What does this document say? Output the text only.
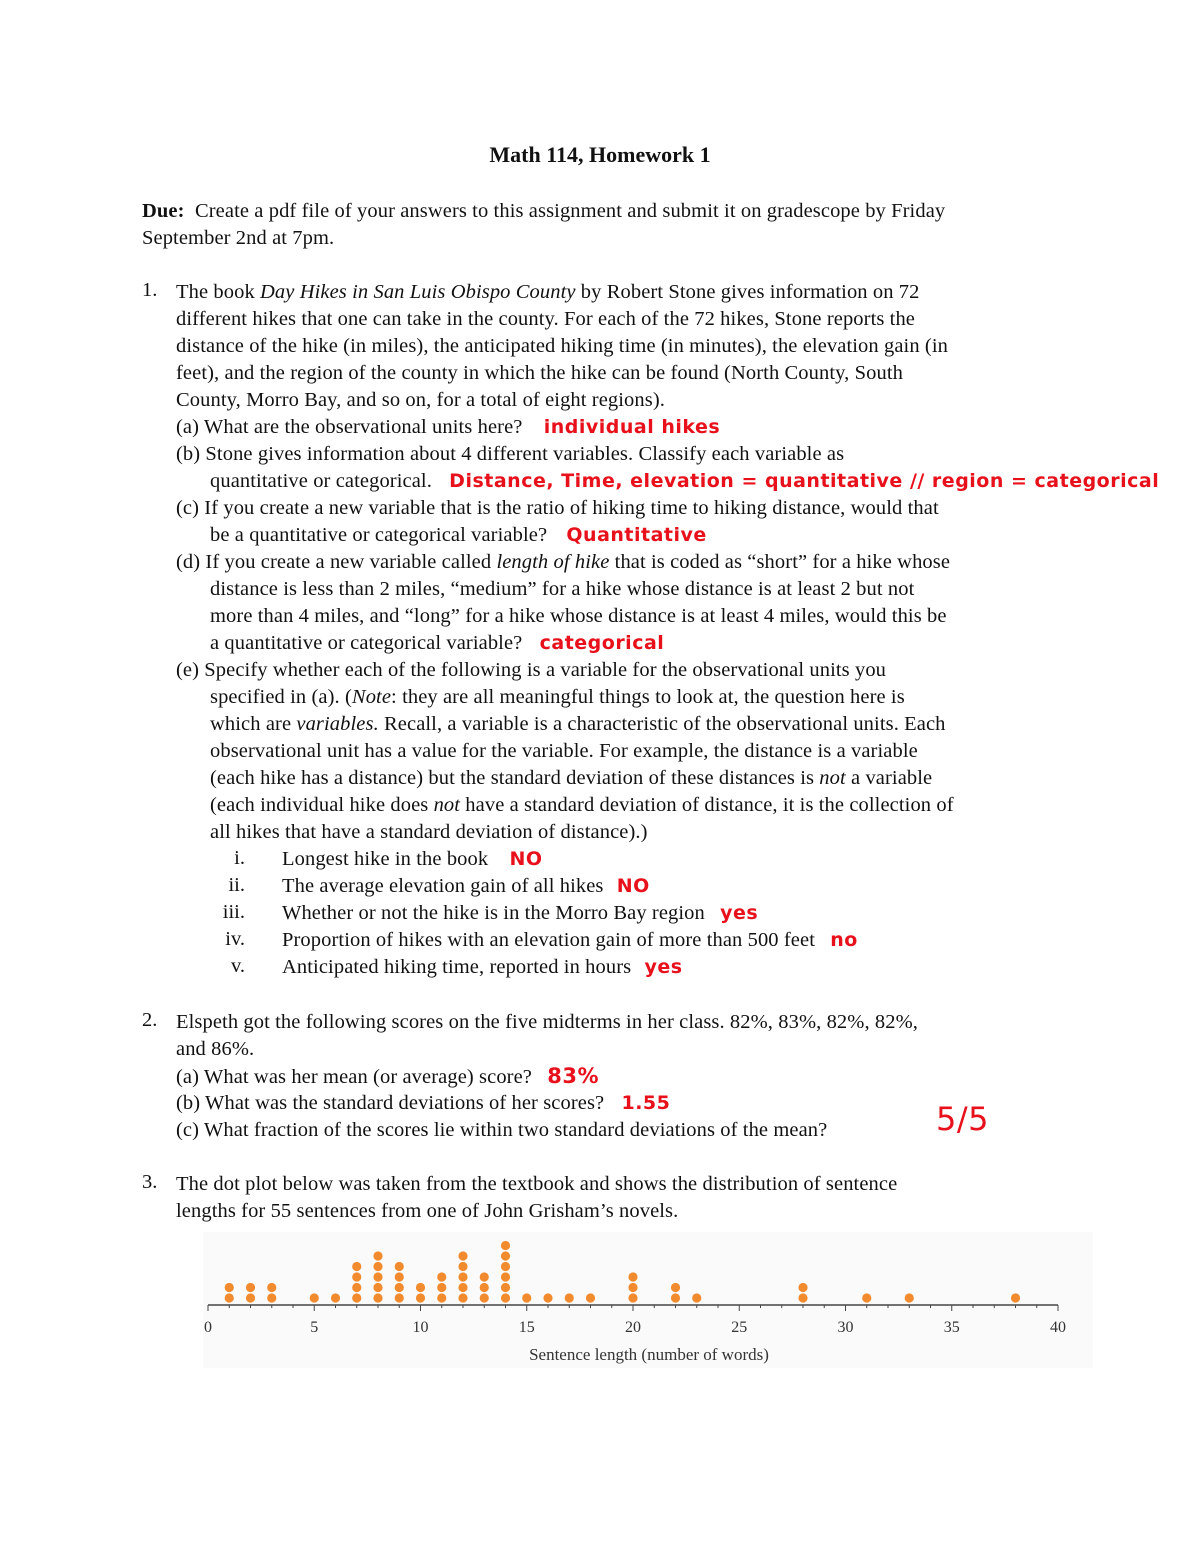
Math 114, Homework 1
Due: Create a pdf file of your answers to this assignment and submit it on gradescope by Friday
September 2nd at 7pm.
1. The book Day Hikes in San Luis Obispo County by Robert Stone gives information on 72
different hikes that one can take in the county. For each of the 72 hikes, Stone reports the
distance of the hike (in miles), the anticipated hiking time (in minutes), the elevation gain (in
feet), and the region of the county in which the hike can be found (North County, South
County, Morro Bay, and so on, for a total of eight regions).
(a) What are the observational units here? individual hikes
(b) Stone gives information about 4 different variables. Classify each variable as
quantitative or categorical. Distance, Time, elevation = quantitative // region = categorical
(c) If you create a new variable that is the ratio of hiking time to hiking distance, would that
be a quantitative or categorical variable? Quantitative
(d) If you create a new variable called length of hike that is coded as “short” for a hike whose
distance is less than 2 miles, “medium” for a hike whose distance is at least 2 but not
more than 4 miles, and “long” for a hike whose distance is at least 4 miles, would this be
a quantitative or categorical variable? categorical
(e) Specify whether each of the following is a variable for the observational units you
specified in (a). (Note: they are all meaningful things to look at, the question here is
which are variables. Recall, a variable is a characteristic of the observational units. Each
observational unit has a value for the variable. For example, the distance is a variable
(each hike has a distance) but the standard deviation of these distances is not a variable
(each individual hike does not have a standard deviation of distance, it is the collection of
all hikes that have a standard deviation of distance).)
i. Longest hike in the book NO
ii. The average elevation gain of all hikes NO
iii. Whether or not the hike is in the Morro Bay region yes
iv. Proportion of hikes with an elevation gain of more than 500 feet no
v. Anticipated hiking time, reported in hours yes
2. Elspeth got the following scores on the five midterms in her class. 82%, 83%, 82%, 82%,
and 86%.
(a) What was her mean (or average) score? 83%
(b) What was the standard deviations of her scores? 1.55
(c) What fraction of the scores lie within two standard deviations of the mean?	5/5
3. The dot plot below was taken from the textbook and shows the distribution of sentence
lengths for 55 sentences from one of John Grisham’s novels.
0	5	10	15	20	25	30	35	40
Sentence length (number of words)
